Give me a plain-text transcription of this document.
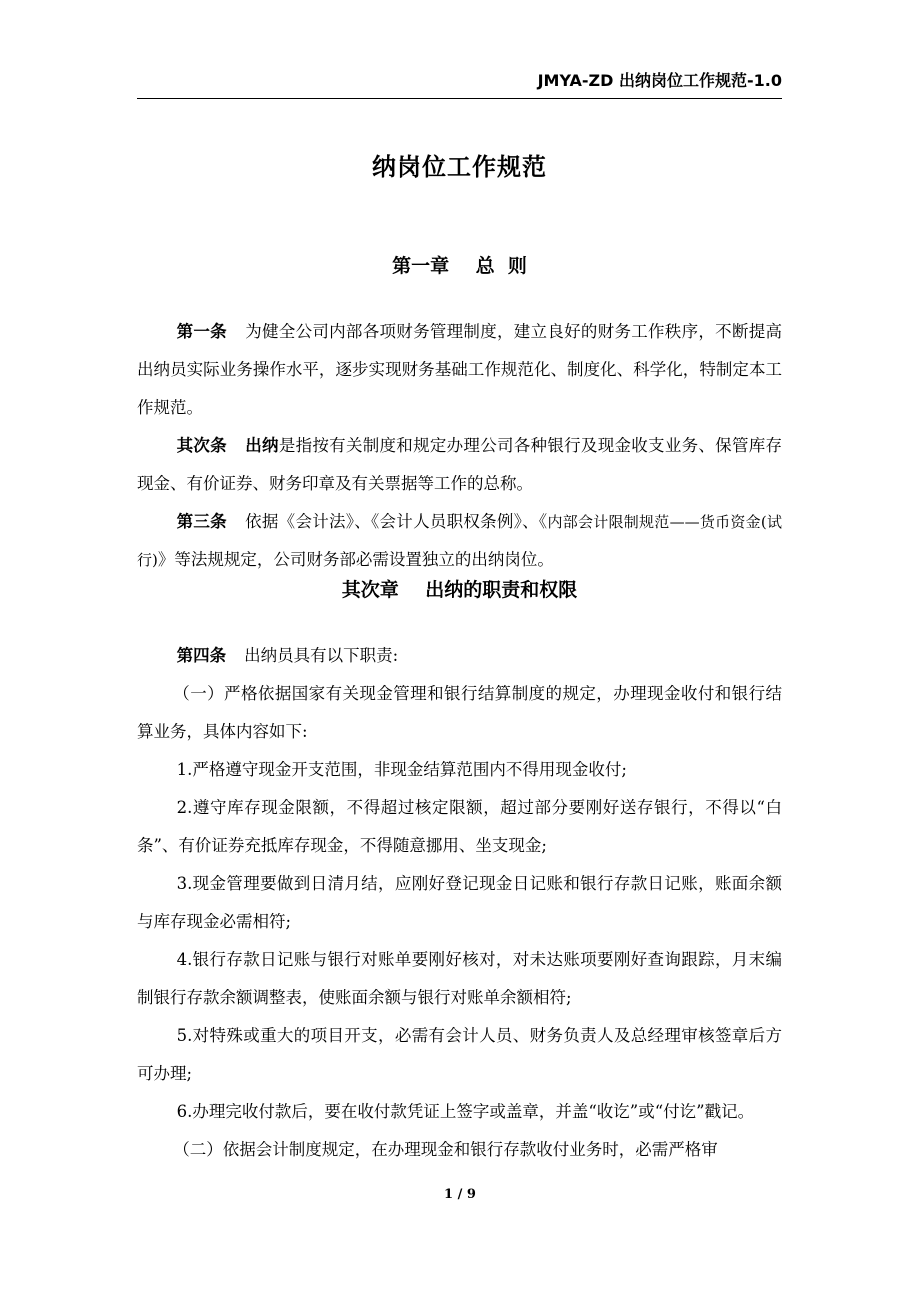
JMYA-ZD 出纳岗位工作规范-1.0
纳岗位工作规范
第一章    总  则

第一条 为健全公司内部各项财务管理制度，建立良好的财务工作秩序，不断提高出纳员实际业务操作水平，逐步实现财务基础工作规范化、制度化、科学化，特制定本工作规范。

其次条 出纳是指按有关制度和规定办理公司各种银行及现金收支业务、保管库存现金、有价证券、财务印章及有关票据等工作的总称。

第三条 依据《会计法》、《会计人员职权条例》、《内部会计限制规范——货币资金(试行)》等法规规定，公司财务部必需设置独立的出纳岗位。

其次章    出纳的职责和权限

第四条 出纳员具有以下职责:

（一）严格依据国家有关现金管理和银行结算制度的规定，办理现金收付和银行结算业务，具体内容如下:

1.严格遵守现金开支范围，非现金结算范围内不得用现金收付;

2.遵守库存现金限额，不得超过核定限额，超过部分要刚好送存银行，不得以“白条”、有价证券充抵库存现金，不得随意挪用、坐支现金;

3.现金管理要做到日清月结，应刚好登记现金日记账和银行存款日记账，账面余额与库存现金必需相符;

4.银行存款日记账与银行对账单要刚好核对，对未达账项要刚好查询跟踪，月末编制银行存款余额调整表，使账面余额与银行对账单余额相符;

5.对特殊或重大的项目开支，必需有会计人员、财务负责人及总经理审核签章后方可办理;

6.办理完收付款后，要在收付款凭证上签字或盖章，并盖“收讫”或“付讫”戳记。

（二）依据会计制度规定，在办理现金和银行存款收付业务时，必需严格审

1 / 9
